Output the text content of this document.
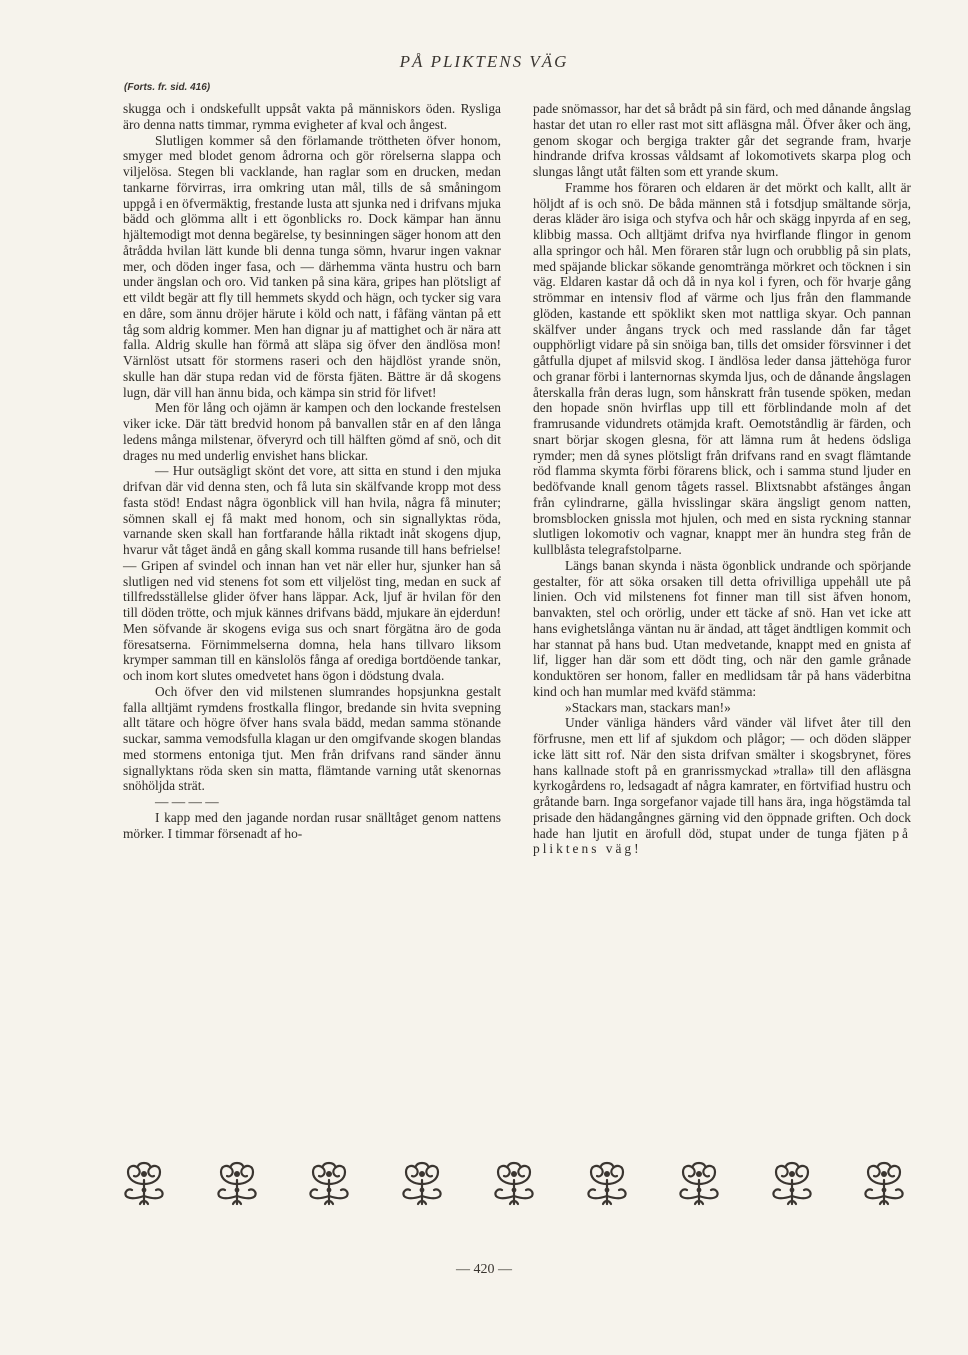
PÅ PLIKTENS VÄG
(Forts. fr. sid. 416)

skugga och i ondskefullt uppsåt vakta på människors öden. Rysliga äro denna natts timmar, rymma evigheter af kval och ångest.

Slutligen kommer så den förlamande tröttheten öfver honom, smyger med blodet genom ådrorna och gör rörelserna slappa och viljelösa. Stegen bli vacklande, han raglar som en drucken, medan tankarne förvirras, irra omkring utan mål, tills de så småningom uppgå i en öfvermäktig, frestande lusta att sjunka ned i drifvans mjuka bädd och glömma allt i ett ögonblicks ro. Dock kämpar han ännu hjältemodigt mot denna begärelse, ty besinningen säger honom att den åtrådda hvilan lätt kunde bli denna tunga sömn, hvarur ingen vaknar mer, och döden inger fasa, och — därhemma vänta hustru och barn under ängslan och oro. Vid tanken på sina kära, gripes han plötsligt af ett vildt begär att fly till hemmets skydd och hägn, och tycker sig vara en dåre, som ännu dröjer härute i köld och natt, i fåfäng väntan på ett tåg som aldrig kommer. Men han dignar ju af mattighet och är nära att falla. Aldrig skulle han förmå att släpa sig öfver den ändlösa mon! Värnlöst utsatt för stormens raseri och den häjdlöst yrande snön, skulle han där stupa redan vid de första fjäten. Bättre är då skogens lugn, där vill han ännu bida, och kämpa sin strid för lifvet!

Men för lång och ojämn är kampen och den lockande frestelsen viker icke. Där tätt bredvid honom på banvallen står en af den långa ledens många milstenar, öfveryrd och till hälften gömd af snö, och dit drages nu med underlig envishet hans blickar.

— Hur outsägligt skönt det vore, att sitta en stund i den mjuka drifvan där vid denna sten, och få luta sin skälfvande kropp mot dess fasta stöd! Endast några ögonblick vill han hvila, några få minuter; sömnen skall ej få makt med honom, och sin signallyktas röda, varnande sken skall han fortfarande hålla riktadt inåt skogens djup, hvarur våt tåget ändå en gång skall komma rusande till hans befrielse! — Gripen af svindel och innan han vet när eller hur, sjunker han så slutligen ned vid stenens fot som ett viljelöst ting, medan en suck af tillfredsställelse glider öfver hans läppar. Ack, ljuf är hvilan för den till döden trötte, och mjuk kännes drifvans bädd, mjukare än ejderdun! Men söfvande är skogens eviga sus och snart förgätna äro de goda föresatserna. Förnimmelserna domna, hela hans tillvaro liksom krymper samman till en känslolös fånga af orediga bortdöende tankar, och inom kort slutes omedvetet hans ögon i dödstung dvala.

Och öfver den vid milstenen slumrandes hopsjunkna gestalt falla alltjämt rymdens frostkalla flingor, bredande sin hvita svepning allt tätare och högre öfver hans svala bädd, medan samma stönande suckar, samma vemodsfulla klagan ur den omgifvande skogen blandas med stormens entoniga tjut. Men från drifvans rand sänder ännu signallyktans röda sken sin matta, flämtande varning utåt skenornas snöhöljda strät.

— — — —

I kapp med den jagande nordan rusar snälltåget genom nattens mörker. I timmar försenadt af ho-

pade snömassor, har det så brådt på sin färd, och med dånande ångslag hastar det utan ro eller rast mot sitt afläsgna mål. Öfver åker och äng, genom skogar och bergiga trakter går det segrande fram, hvarje hindrande drifva krossas våldsamt af lokomotivets skarpa plog och slungas långt utåt fälten som ett yrande skum.

Framme hos föraren och eldaren är det mörkt och kallt, allt är höljdt af is och snö. De båda männen stå i fotsdjup smältande sörja, deras kläder äro isiga och styfva och hår och skägg inpyrda af en seg, klibbig massa. Och alltjämt drifva nya hvirflande flingor in genom alla springor och hål. Men föraren står lugn och orubblig på sin plats, med späjande blickar sökande genomtränga mörkret och töcknen i sin väg. Eldaren kastar då och då in nya kol i fyren, och för hvarje gång strömmar en intensiv flod af värme och ljus från den flammande glöden, kastande ett spöklikt sken mot nattliga skyar. Och pannan skälfver under ångans tryck och med rasslande dån far tåget oupphörligt vidare på sin snöiga ban, tills det omsider försvinner i det gåtfulla djupet af milsvid skog. I ändlösa leder dansa jättehöga furor och granar förbi i lanternornas skymda ljus, och de dånande ångslagen återskalla från deras lugn, som hånskratt från tusende spöken, medan den hopade snön hvirflas upp till ett förblindande moln af det framrusande vidundrets otämjda kraft. Oemotståndlig är färden, och snart börjar skogen glesna, för att lämna rum åt hedens ödsliga rymder; men då synes plötsligt från drifvans rand en svagt flämtande röd flamma skymta förbi förarens blick, och i samma stund ljuder en bedöfvande knall genom tågets rassel. Blixtsnabbt afstänges ångan från cylindrarne, gälla hvisslingar skära ängsligt genom natten, bromsblocken gnissla mot hjulen, och med en sista ryckning stannar slutligen lokomotiv och vagnar, knappt mer än hundra steg från de kullblåsta telegrafstolparne.

Längs banan skynda i nästa ögonblick undrande och spörjande gestalter, för att söka orsaken till detta ofrivilliga uppehåll ute på linien. Och vid milstenens fot finner man till sist äfven honom, banvakten, stel och orörlig, under ett täcke af snö. Han vet icke att hans evighetslånga väntan nu är ändad, att tåget ändtligen kommit och har stannat på hans bud. Utan medvetande, knappt med en gnista af lif, ligger han där som ett dödt ting, och när den gamle grånade konduktören ser honom, faller en medlidsam tår på hans väderbitna kind och han mumlar med kväfd stämma:

»Stackars man, stackars man!»

Under vänliga händers vård vänder väl lifvet åter till den förfrusne, men ett lif af sjukdom och plågor; — och döden släpper icke lätt sitt rof. När den sista drifvan smälter i skogsbrynet, föres hans kallnade stoft på en granrissmyckad »tralla» till den afläsgna kyrkogårdens ro, ledsagadt af några kamrater, en förtvifiad hustru och gråtande barn. Inga sorgefanor vajade till hans ära, inga högstämda tal prisade den hädangångnes gärning vid den öppnade griften. Och dock hade han ljutit en ärofull död, stupat under de tunga fjäten på pliktens väg!

— 420 —
